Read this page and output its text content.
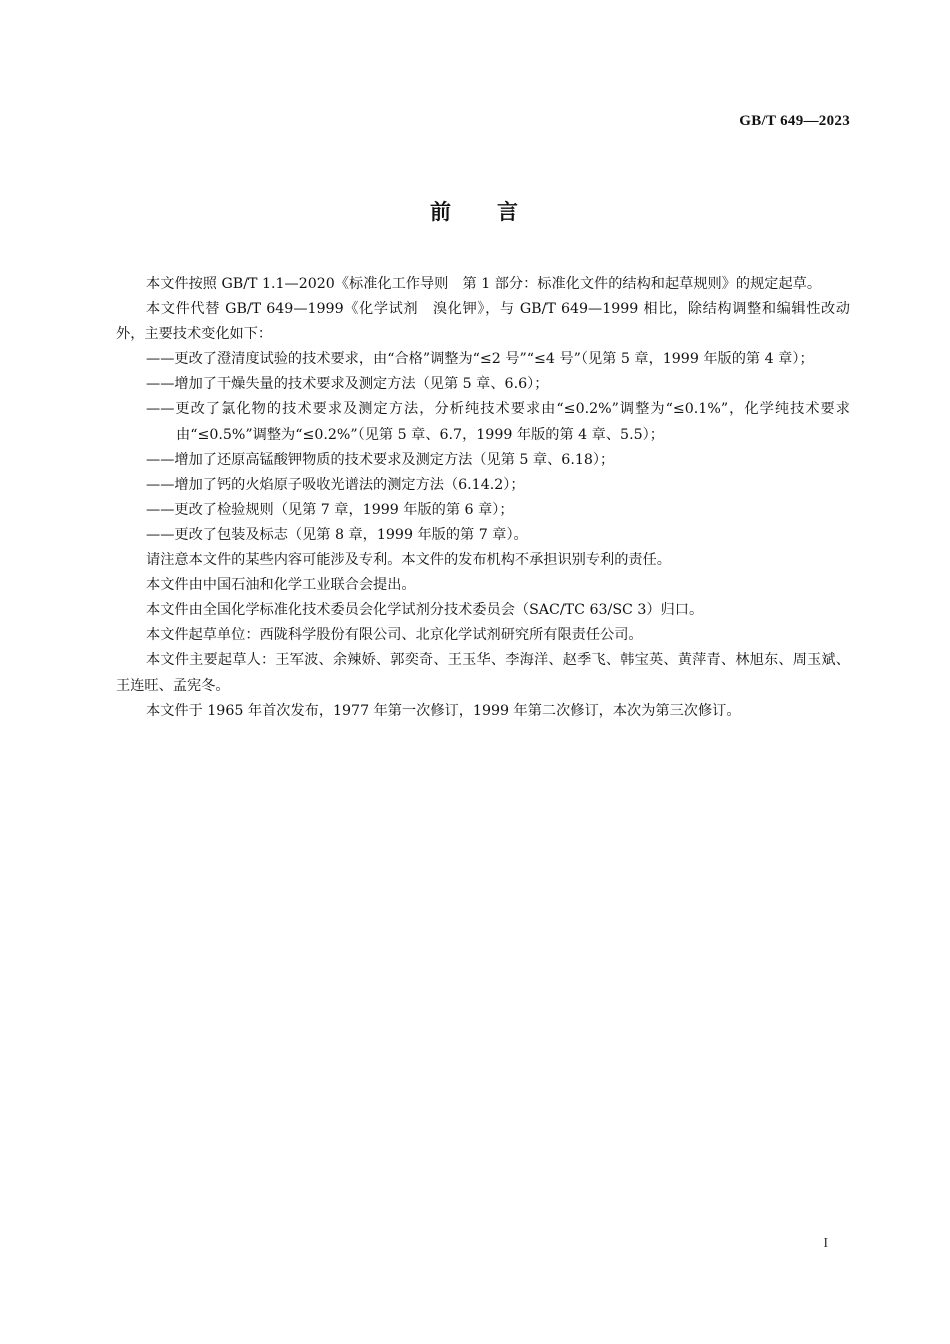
GB/T 649—2023
前 言

本文件按照 GB/T 1.1—2020《标准化工作导则　第 1 部分：标准化文件的结构和起草规则》的规定起草。

本文件代替 GB/T 649—1999《化学试剂　溴化钾》，与 GB/T 649—1999 相比，除结构调整和编辑性改动外，主要技术变化如下：

——更改了澄清度试验的技术要求，由“合格”调整为“≤2 号”“≤4 号”（见第 5 章，1999 年版的第 4 章）；

——增加了干燥失量的技术要求及测定方法（见第 5 章、6.6）；

——更改了氯化物的技术要求及测定方法，分析纯技术要求由“≤0.2%”调整为“≤0.1%”，化学纯技术要求由“≤0.5%”调整为“≤0.2%”（见第 5 章、6.7，1999 年版的第 4 章、5.5）；

——增加了还原高锰酸钾物质的技术要求及测定方法（见第 5 章、6.18）；

——增加了钙的火焰原子吸收光谱法的测定方法（6.14.2）；

——更改了检验规则（见第 7 章，1999 年版的第 6 章）；

——更改了包装及标志（见第 8 章，1999 年版的第 7 章）。

请注意本文件的某些内容可能涉及专利。本文件的发布机构不承担识别专利的责任。

本文件由中国石油和化学工业联合会提出。

本文件由全国化学标准化技术委员会化学试剂分技术委员会（SAC/TC 63/SC 3）归口。

本文件起草单位：西陇科学股份有限公司、北京化学试剂研究所有限责任公司。

本文件主要起草人：王军波、余辣娇、郭奕奇、王玉华、李海洋、赵季飞、韩宝英、黄萍青、林旭东、周玉斌、王连旺、孟宪冬。

本文件于 1965 年首次发布，1977 年第一次修订，1999 年第二次修订，本次为第三次修订。

I
